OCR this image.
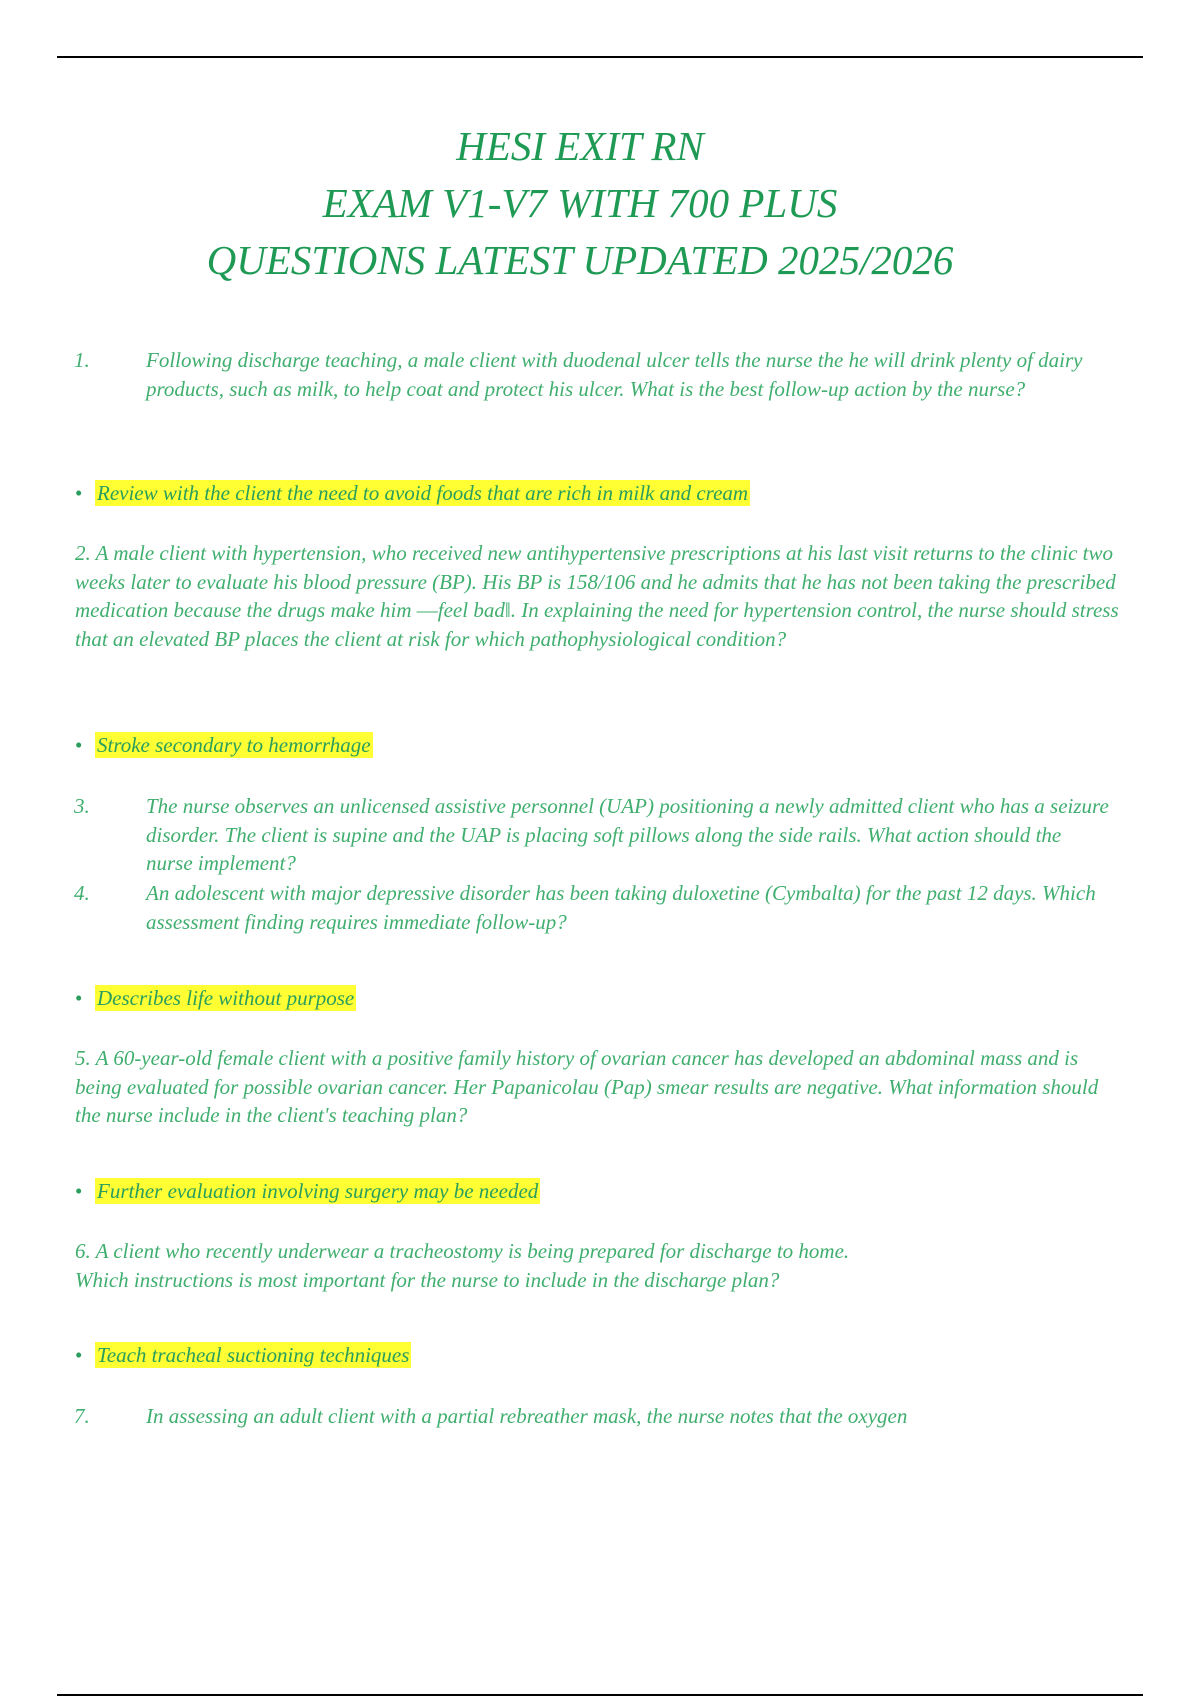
HESI EXIT RN
EXAM V1-V7 WITH 700 PLUS
QUESTIONS LATEST UPDATED 2025/2026
1.	Following discharge teaching, a male client with duodenal ulcer tells the nurse the he will drink plenty of dairy products, such as milk, to help coat and protect his ulcer. What is the best follow-up action by the nurse?
• Review with the client the need to avoid foods that are rich in milk and cream
2. A male client with hypertension, who received new antihypertensive prescriptions at his last visit returns to the clinic two weeks later to evaluate his blood pressure (BP). His BP is 158/106 and he admits that he has not been taking the prescribed medication because the drugs make him ―feel bad‖. In explaining the need for hypertension control, the nurse should stress that an elevated BP places the client at risk for which pathophysiological condition?
• Stroke secondary to hemorrhage
3.	The nurse observes an unlicensed assistive personnel (UAP) positioning a newly admitted client who has a seizure disorder. The client is supine and the UAP is placing soft pillows along the side rails. What action should the nurse implement?
4.	An adolescent with major depressive disorder has been taking duloxetine (Cymbalta) for the past 12 days. Which assessment finding requires immediate follow-up?
• Describes life without purpose
5. A 60-year-old female client with a positive family history of ovarian cancer has developed an abdominal mass and is being evaluated for possible ovarian cancer. Her Papanicolau (Pap) smear results are negative. What information should the nurse include in the client's teaching plan?
• Further evaluation involving surgery may be needed
6. A client who recently underwear a tracheostomy is being prepared for discharge to home.
Which instructions is most important for the nurse to include in the discharge plan?
• Teach tracheal suctioning techniques
7.	In assessing an adult client with a partial rebreather mask, the nurse notes that the oxygen
